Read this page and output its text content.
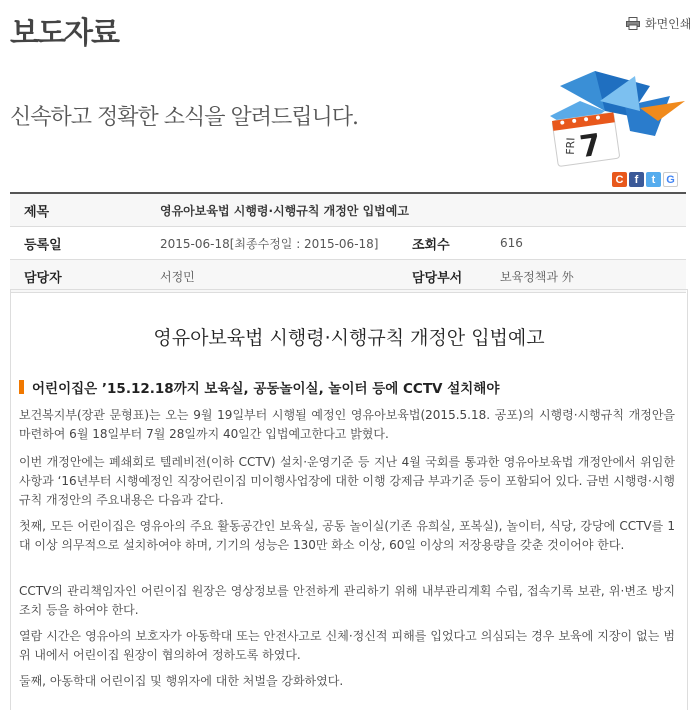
보도자료	화면인쇄
신속하고 정확한 소식을 알려드립니다.
FRI 7
C	f	t G
제목	영유아보육법 시행령·시행규칙 개정안 입법예고
등록일	2015-06-18[최종수정일 : 2015-06-18]	조회수	616
담당자	서정민	담당부서	보육정책과 外
영유아보육법 시행령·시행규칙 개정안 입법예고
어린이집은 ’15.12.18까지 보육실, 공동놀이실, 놀이터 등에 CCTV 설치해야
보건복지부(장관 문형표)는 오는 9월 19일부터 시행될 예정인 영유아보육법(2015.5.18. 공포)의 시행령·시행규칙 개정안을 마련하여 6월 18일부터 7월 28일까지 40일간 입법예고한다고 밝혔다.
이번 개정안에는 폐쇄회로 텔레비전(이하 CCTV) 설치·운영기준 등 지난 4월 국회를 통과한 영유아보육법 개정안에서 위임한 사항과 ‘16년부터 시행예정인 직장어린이집 미이행사업장에 대한 이행 강제금 부과기준 등이 포함되어 있다. 금번 시행령·시행규칙 개정안의 주요내용은 다음과 같다.
첫째, 모든 어린이집은 영유아의 주요 활동공간인 보육실, 공동 놀이실(기존 유희실, 포복실), 놀이터, 식당, 강당에 CCTV를 1대 이상 의무적으로 설치하여야 하며, 기기의 성능은 130만 화소 이상, 60일 이상의 저장용량을 갖춘 것이어야 한다.
CCTV의 관리책임자인 어린이집 원장은 영상정보를 안전하게 관리하기 위해 내부관리계획 수립, 접속기록 보관, 위·변조 방지 조치 등을 하여야 한다.
열람 시간은 영유아의 보호자가 아동학대 또는 안전사고로 신체·정신적 피해를 입었다고 의심되는 경우 보육에 지장이 없는 범위 내에서 어린이집 원장이 협의하여 정하도록 하였다.
둘째, 아동학대 어린이집 및 행위자에 대한 처벌을 강화하였다.
